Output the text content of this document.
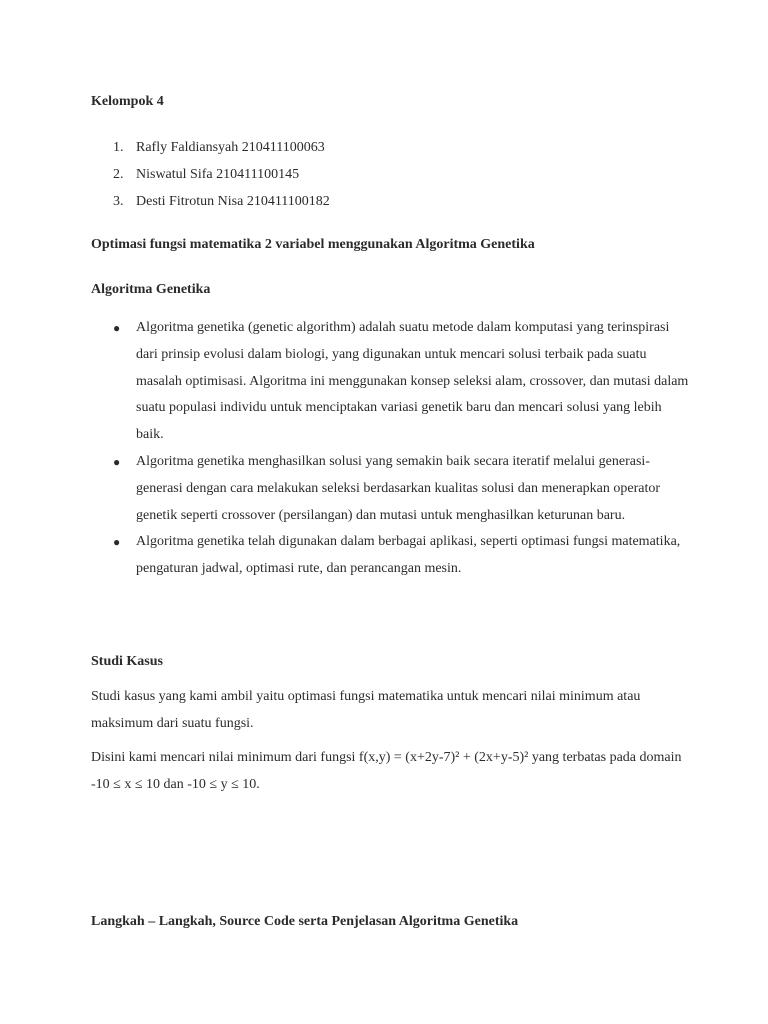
Kelompok 4
1. Rafly Faldiansyah 210411100063
2. Niswatul Sifa 210411100145
3. Desti Fitrotun Nisa 210411100182
Optimasi fungsi matematika 2 variabel menggunakan Algoritma Genetika
Algoritma Genetika
● Algoritma genetika (genetic algorithm) adalah suatu metode dalam komputasi yang terinspirasi dari prinsip evolusi dalam biologi, yang digunakan untuk mencari solusi terbaik pada suatu masalah optimisasi. Algoritma ini menggunakan konsep seleksi alam, crossover, dan mutasi dalam suatu populasi individu untuk menciptakan variasi genetik baru dan mencari solusi yang lebih baik.
● Algoritma genetika menghasilkan solusi yang semakin baik secara iteratif melalui generasi-generasi dengan cara melakukan seleksi berdasarkan kualitas solusi dan menerapkan operator genetik seperti crossover (persilangan) dan mutasi untuk menghasilkan keturunan baru.
● Algoritma genetika telah digunakan dalam berbagai aplikasi, seperti optimasi fungsi matematika, pengaturan jadwal, optimasi rute, dan perancangan mesin.
Studi Kasus
Studi kasus yang kami ambil yaitu optimasi fungsi matematika untuk mencari nilai minimum atau maksimum dari suatu fungsi.
Disini kami mencari nilai minimum dari fungsi f(x,y) = (x+2y-7)² + (2x+y-5)² yang terbatas pada domain -10 ≤ x ≤ 10 dan -10 ≤ y ≤ 10.
Langkah – Langkah, Source Code serta Penjelasan Algoritma Genetika
